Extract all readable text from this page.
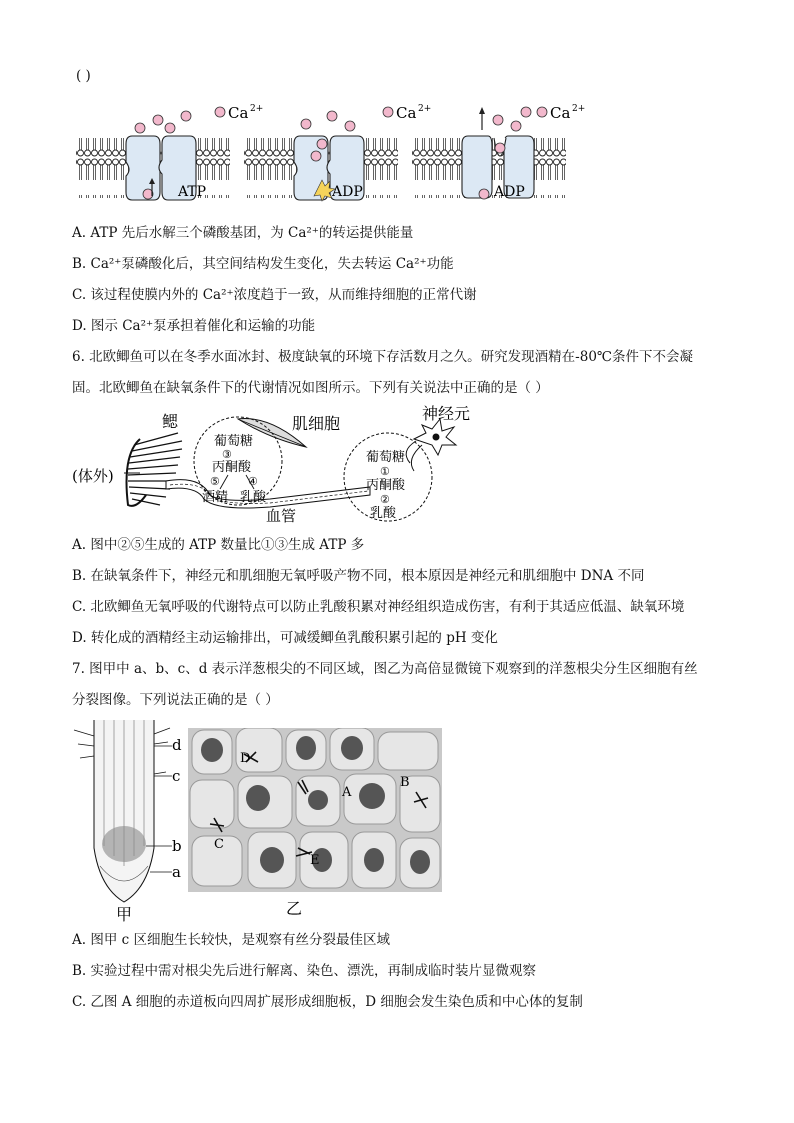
( )
Ca 2+
ATP
Ca 2+
ADP
Ca 2+
ADP
A. ATP 先后水解三个磷酸基团，为 Ca²⁺的转运提供能量
B. Ca²⁺泵磷酸化后，其空间结构发生变化，失去转运 Ca²⁺功能
C. 该过程使膜内外的 Ca²⁺浓度趋于一致，从而维持细胞的正常代谢
D. 图示 Ca²⁺泵承担着催化和运输的功能
6. 北欧鲫鱼可以在冬季水面冰封、极度缺氧的环境下存活数月之久。研究发现酒精在-80℃条件下不会凝
固。北欧鲫鱼在缺氧条件下的代谢情况如图所示。下列有关说法中正确的是（ ）
鳃
(体外)
血管
肌细胞
葡萄糖
③
丙酮酸
⑤	④
酒精 乳酸
葡萄糖
①
丙酮酸
②
乳酸
神经元
A. 图中②⑤生成的 ATP 数量比①③生成 ATP 多
B. 在缺氧条件下，神经元和肌细胞无氧呼吸产物不同，根本原因是神经元和肌细胞中 DNA 不同
C. 北欧鲫鱼无氧呼吸的代谢特点可以防止乳酸积累对神经组织造成伤害，有利于其适应低温、缺氧环境
D. 转化成的酒精经主动运输排出，可减缓鲫鱼乳酸积累引起的 pH 变化
7. 图甲中 a、b、c、d 表示洋葱根尖的不同区域，图乙为高倍显微镜下观察到的洋葱根尖分生区细胞有丝
分裂图像。下列说法正确的是（ ）
d
c
b
a
甲
D
A
B
C
E
乙
A. 图甲 c 区细胞生长较快，是观察有丝分裂最佳区域
B. 实验过程中需对根尖先后进行解离、染色、漂洗，再制成临时装片显微观察
C. 乙图 A 细胞的赤道板向四周扩展形成细胞板，D 细胞会发生染色质和中心体的复制
